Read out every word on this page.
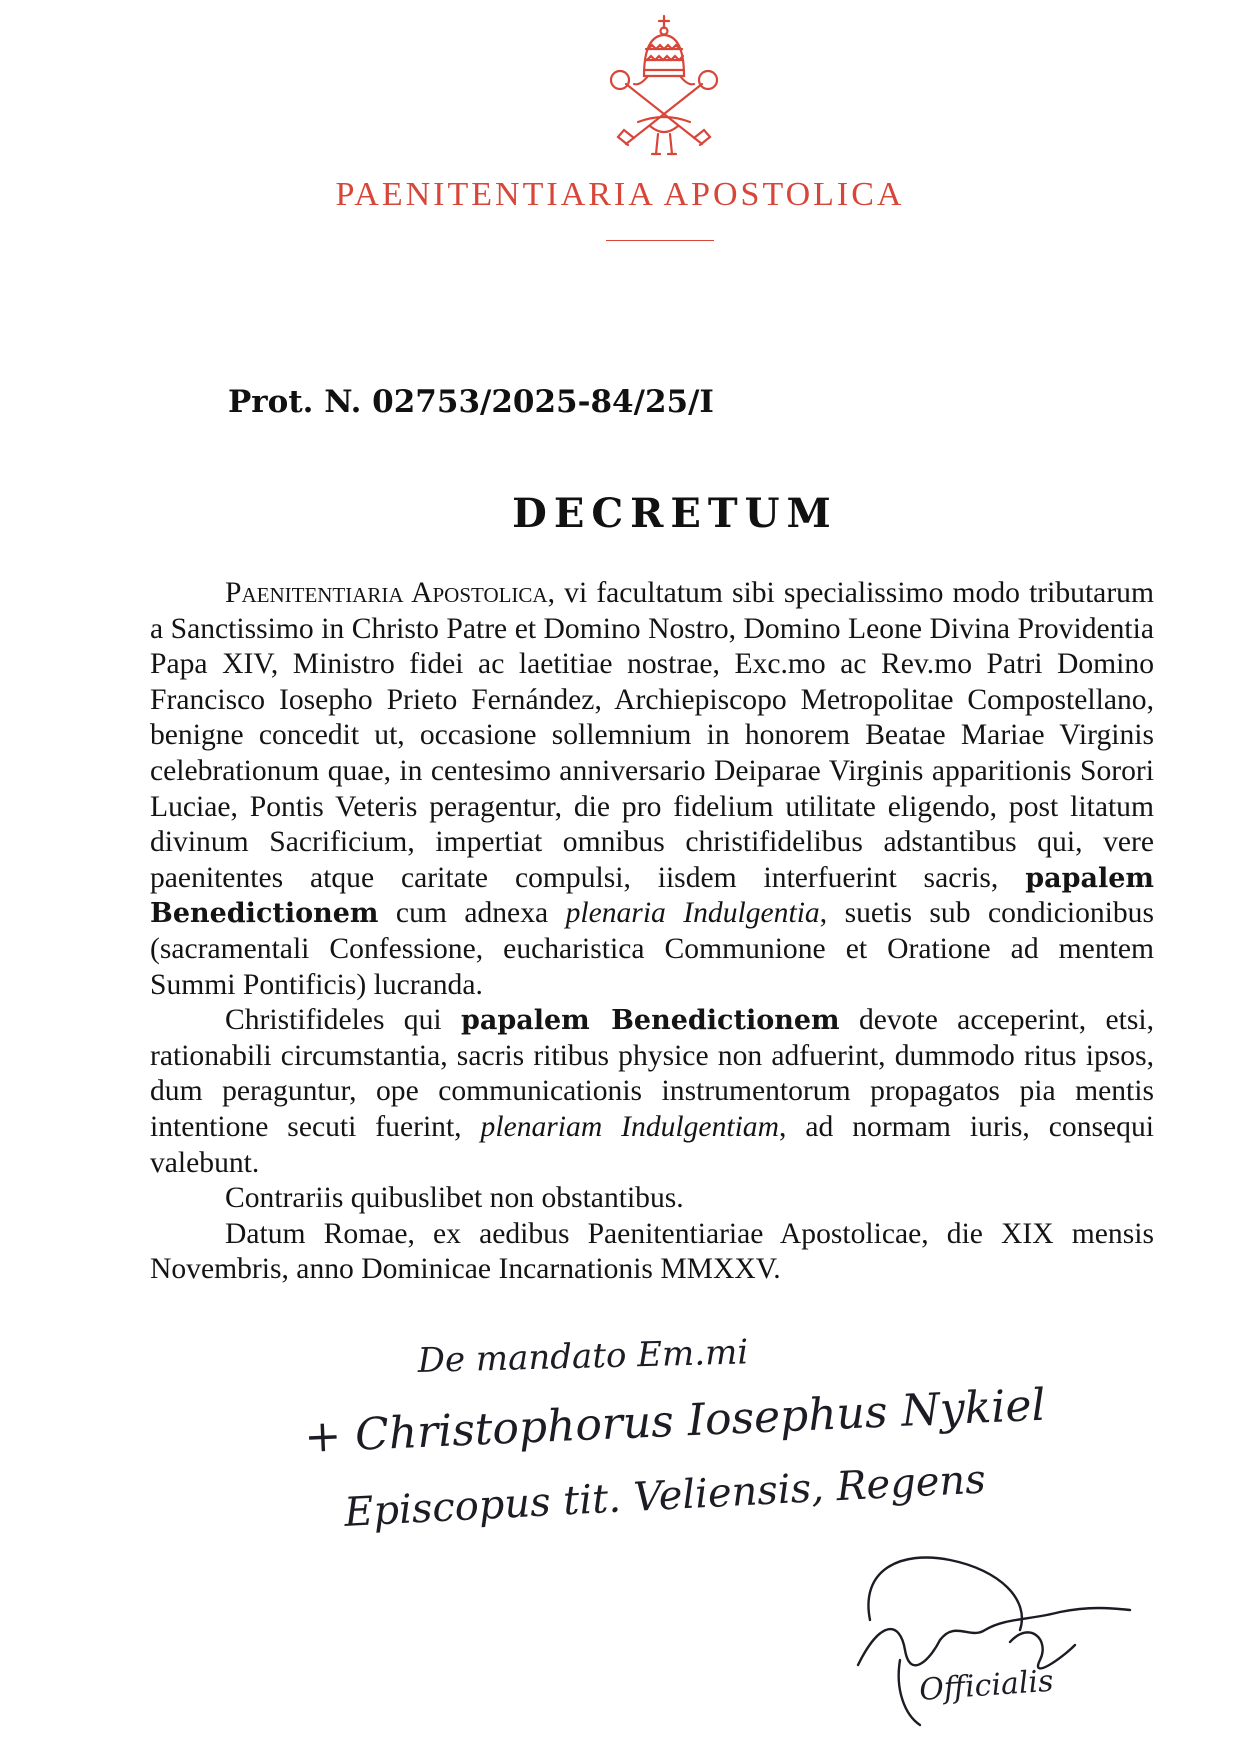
PAENITENTIARIA APOSTOLICA
Prot. N. 02753/2025-84/25/I
DECRETUM

Paenitentiaria Apostolica, vi facultatum sibi specialissimo modo tributarum a Sanctissimo in Christo Patre et Domino Nostro, Domino Leone Divina Providentia Papa XIV, Ministro fidei ac laetitiae nostrae, Exc.mo ac Rev.mo Patri Domino Francisco Iosepho Prieto Fernández, Archiepiscopo Metropolitae Compostellano, benigne concedit ut, occasione sollemnium in honorem Beatae Mariae Virginis celebrationum quae, in centesimo anniversario Deiparae Virginis apparitionis Sorori Luciae, Pontis Veteris peragentur, die pro fidelium utilitate eligendo, post litatum divinum Sacrificium, impertiat omnibus christifidelibus adstantibus qui, vere paenitentes atque caritate compulsi, iisdem interfuerint sacris, papalem Benedictionem cum adnexa plenaria Indulgentia, suetis sub condicionibus (sacramentali Confessione, eucharistica Communione et Oratione ad mentem Summi Pontificis) lucranda.

Christifideles qui papalem Benedictionem devote acceperint, etsi, rationabili circumstantia, sacris ritibus physice non adfuerint, dummodo ritus ipsos, dum peraguntur, ope communicationis instrumentorum propagatos pia mentis intentione secuti fuerint, plenariam Indulgentiam, ad normam iuris, consequi valebunt.

Contrariis quibuslibet non obstantibus.

Datum Romae, ex aedibus Paenitentiariae Apostolicae, die XIX mensis Novembris, anno Dominicae Incarnationis MMXXV.

De mandato Em.mi
+ Christophorus Iosephus Nykiel
Episcopus tit. Veliensis, Regens
Officialis
